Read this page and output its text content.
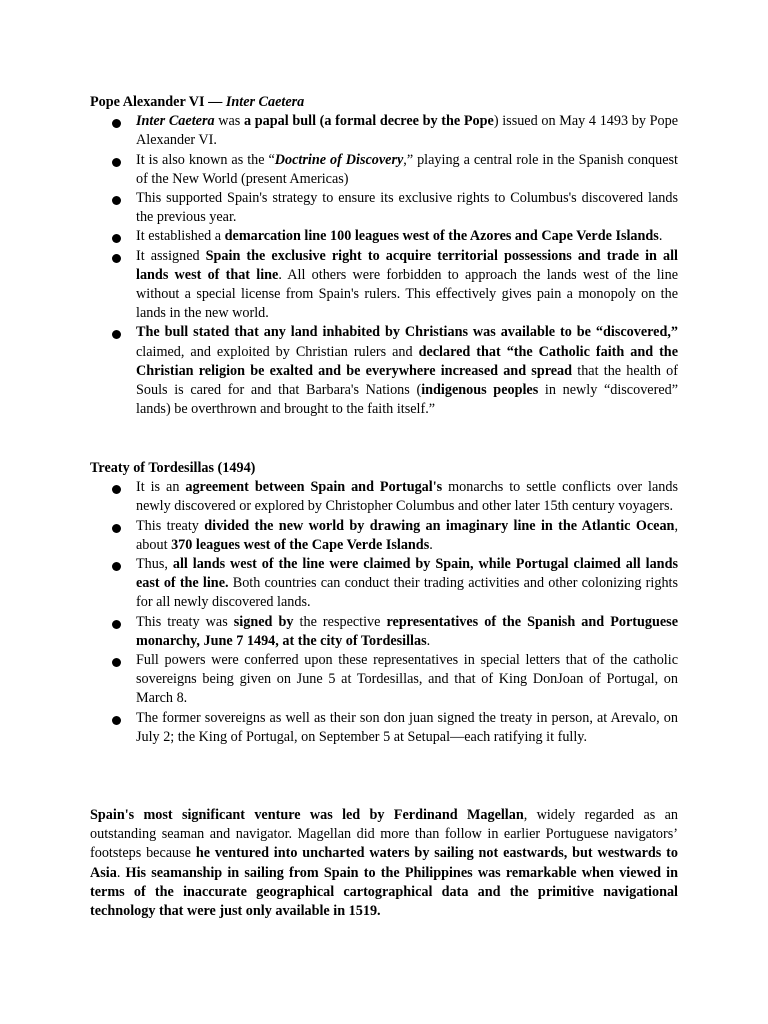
Pope Alexander VI — Inter Caetera

Inter Caetera was a papal bull (a formal decree by the Pope) issued on May 4 1493 by Pope Alexander VI.
It is also known as the “Doctrine of Discovery,” playing a central role in the Spanish conquest of the New World (present Americas)
This supported Spain's strategy to ensure its exclusive rights to Columbus's discovered lands the previous year.
It established a demarcation line 100 leagues west of the Azores and Cape Verde Islands.
It assigned Spain the exclusive right to acquire territorial possessions and trade in all lands west of that line. All others were forbidden to approach the lands west of the line without a special license from Spain's rulers. This effectively gives pain a monopoly on the lands in the new world.
The bull stated that any land inhabited by Christians was available to be “discovered,” claimed, and exploited by Christian rulers and declared that “the Catholic faith and the Christian religion be exalted and be everywhere increased and spread that the health of Souls is cared for and that Barbara's Nations (indigenous peoples in newly “discovered” lands) be overthrown and brought to the faith itself.”

Treaty of Tordesillas (1494)

It is an agreement between Spain and Portugal's monarchs to settle conflicts over lands newly discovered or explored by Christopher Columbus and other later 15th century voyagers.
This treaty divided the new world by drawing an imaginary line in the Atlantic Ocean, about 370 leagues west of the Cape Verde Islands.
Thus, all lands west of the line were claimed by Spain, while Portugal claimed all lands east of the line. Both countries can conduct their trading activities and other colonizing rights for all newly discovered lands.
This treaty was signed by the respective representatives of the Spanish and Portuguese monarchy, June 7 1494, at the city of Tordesillas.
Full powers were conferred upon these representatives in special letters that of the catholic sovereigns being given on June 5 at Tordesillas, and that of King DonJoan of Portugal, on March 8.
The former sovereigns as well as their son don juan signed the treaty in person, at Arevalo, on July 2; the King of Portugal, on September 5 at Setupal—each ratifying it fully.

Spain's most significant venture was led by Ferdinand Magellan, widely regarded as an outstanding seaman and navigator. Magellan did more than follow in earlier Portuguese navigators’ footsteps because he ventured into uncharted waters by sailing not eastwards, but westwards to Asia. His seamanship in sailing from Spain to the Philippines was remarkable when viewed in terms of the inaccurate geographical cartographical data and the primitive navigational technology that were just only available in 1519.
